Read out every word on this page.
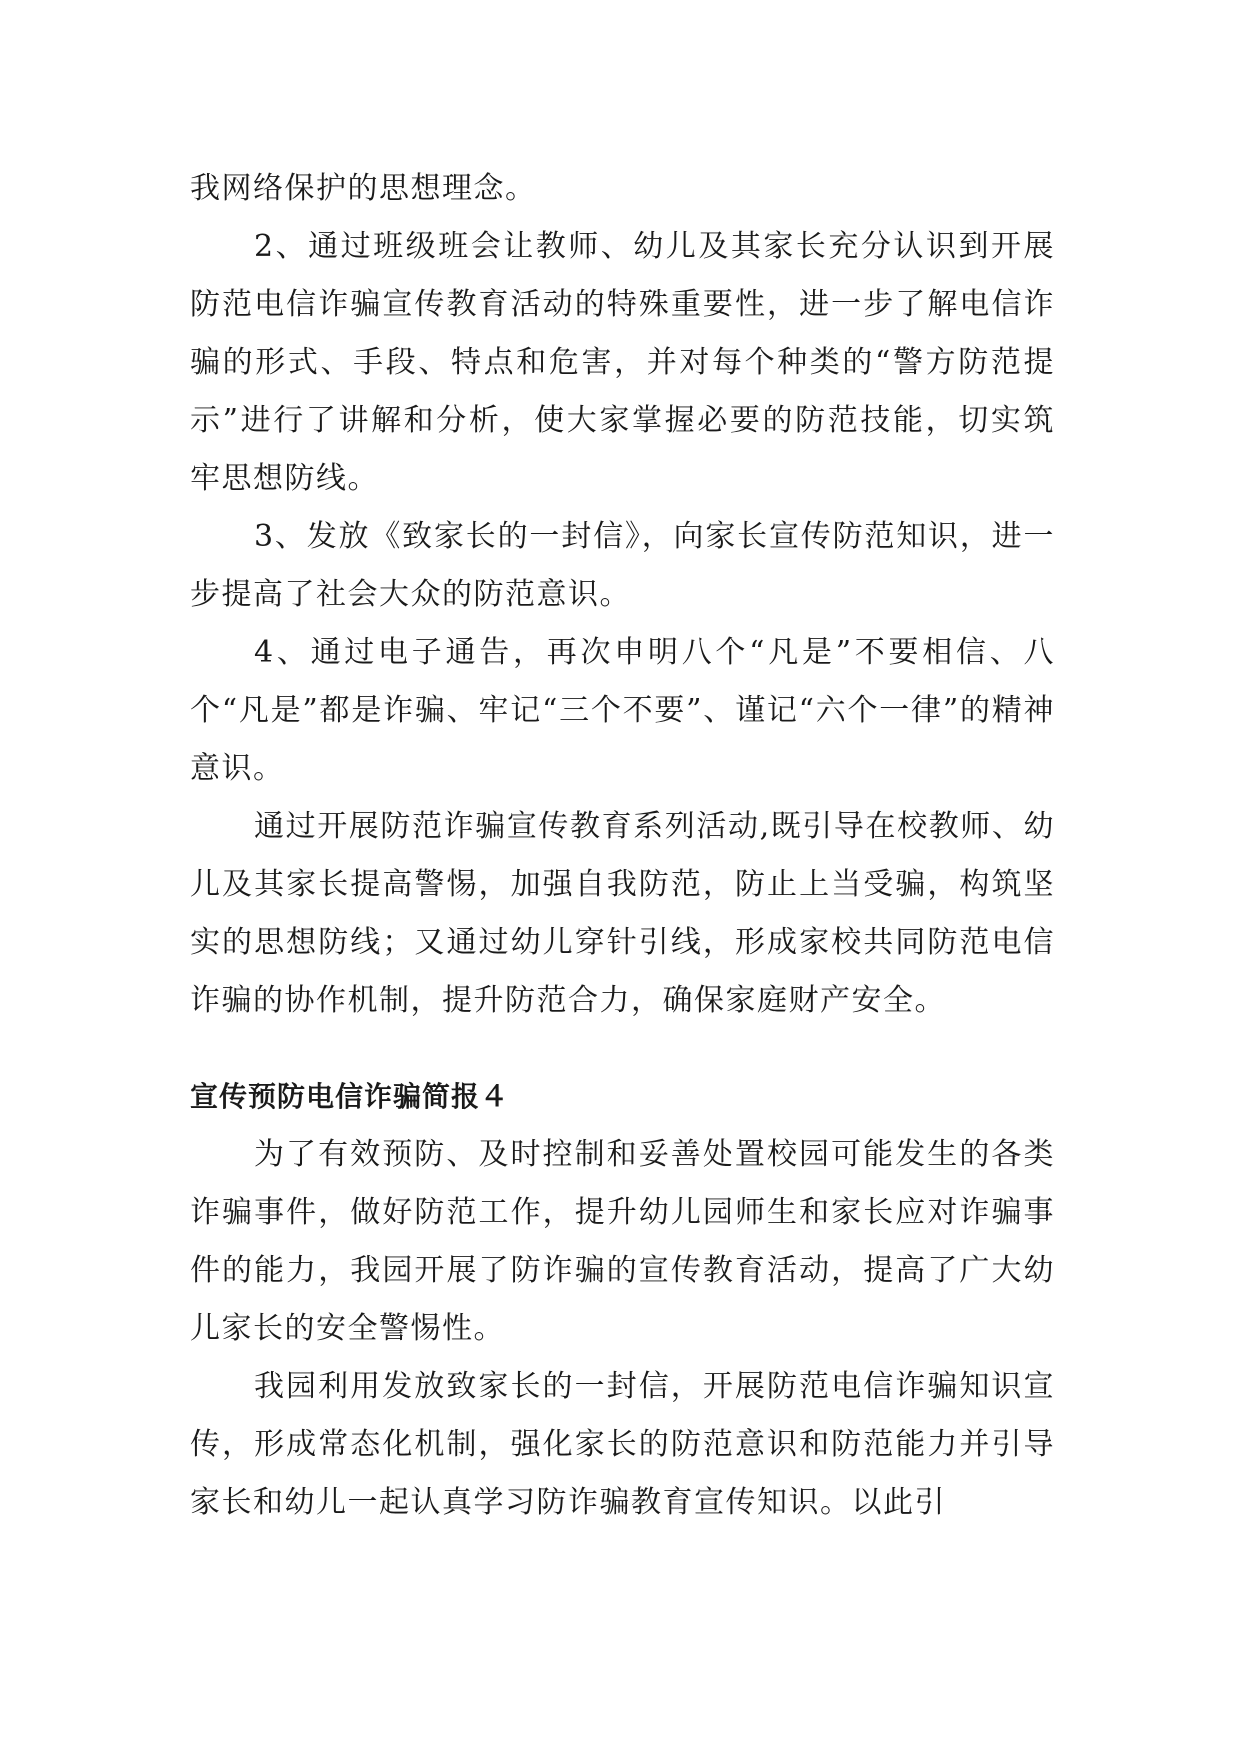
我网络保护的思想理念。

2、通过班级班会让教师、幼儿及其家长充分认识到开展防范电信诈骗宣传教育活动的特殊重要性，进一步了解电信诈骗的形式、手段、特点和危害，并对每个种类的“警方防范提示”进行了讲解和分析，使大家掌握必要的防范技能，切实筑牢思想防线。

3、发放《致家长的一封信》，向家长宣传防范知识，进一步提高了社会大众的防范意识。

4、通过电子通告，再次申明八个“凡是”不要相信、八个“凡是”都是诈骗、牢记“三个不要”、谨记“六个一律”的精神意识。

通过开展防范诈骗宣传教育系列活动,既引导在校教师、幼儿及其家长提高警惕，加强自我防范，防止上当受骗，构筑坚实的思想防线；又通过幼儿穿针引线，形成家校共同防范电信诈骗的协作机制，提升防范合力，确保家庭财产安全。

宣传预防电信诈骗简报４

为了有效预防、及时控制和妥善处置校园可能发生的各类诈骗事件，做好防范工作，提升幼儿园师生和家长应对诈骗事件的能力，我园开展了防诈骗的宣传教育活动，提高了广大幼儿家长的安全警惕性。

我园利用发放致家长的一封信，开展防范电信诈骗知识宣传，形成常态化机制，强化家长的防范意识和防范能力并引导家长和幼儿一起认真学习防诈骗教育宣传知识。以此引
